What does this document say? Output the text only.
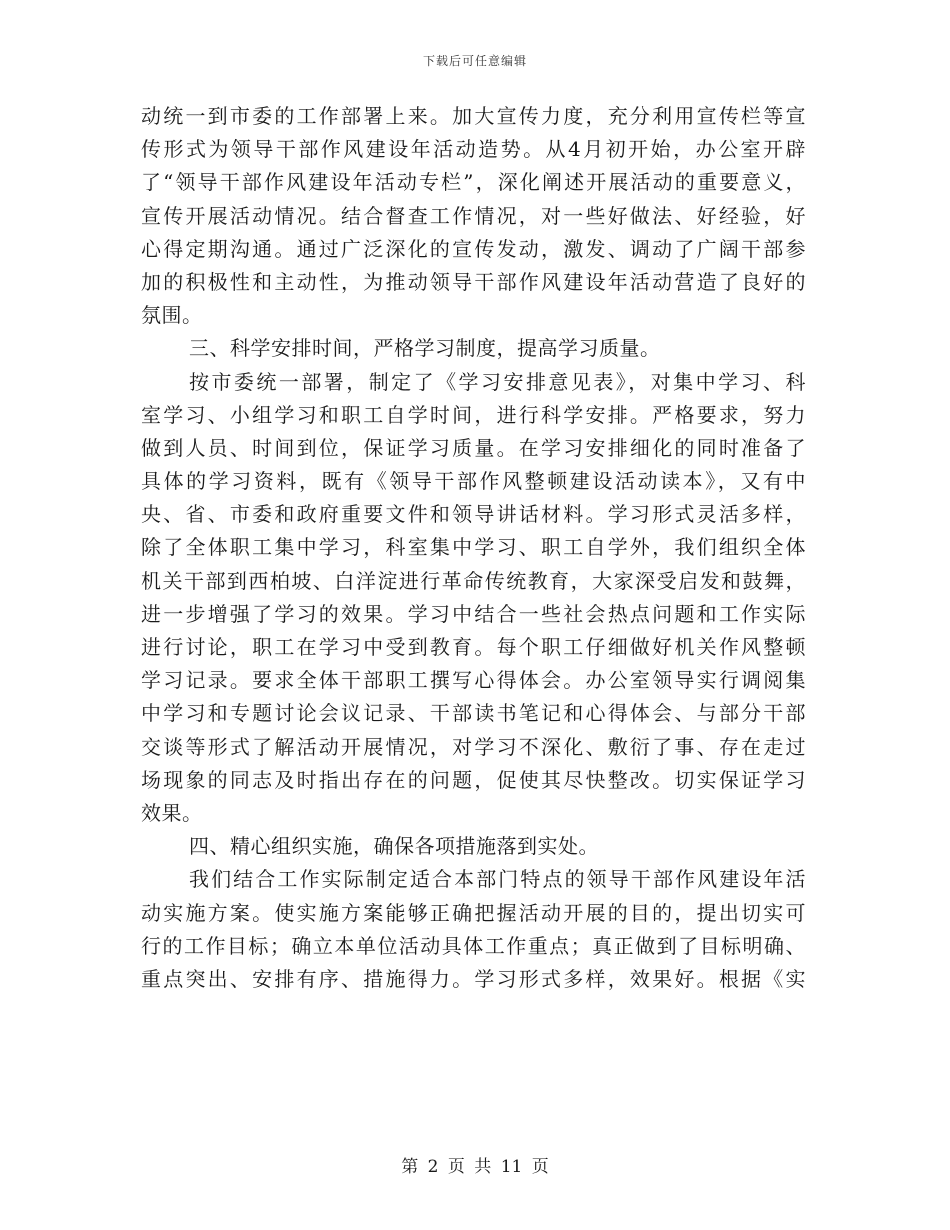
下载后可任意编辑
动统一到市委的工作部署上来。加大宣传力度，充分利用宣传栏等宣
传形式为领导干部作风建设年活动造势。从4月初开始，办公室开辟
了“领导干部作风建设年活动专栏”，深化阐述开展活动的重要意义，
宣传开展活动情况。结合督查工作情况，对一些好做法、好经验，好
心得定期沟通。通过广泛深化的宣传发动，激发、调动了广阔干部参
加的积极性和主动性，为推动领导干部作风建设年活动营造了良好的
氛围。
三、科学安排时间，严格学习制度，提高学习质量。
按市委统一部署，制定了《学习安排意见表》，对集中学习、科
室学习、小组学习和职工自学时间，进行科学安排。严格要求，努力
做到人员、时间到位，保证学习质量。在学习安排细化的同时准备了
具体的学习资料，既有《领导干部作风整顿建设活动读本》，又有中
央、省、市委和政府重要文件和领导讲话材料。学习形式灵活多样，
除了全体职工集中学习，科室集中学习、职工自学外，我们组织全体
机关干部到西柏坡、白洋淀进行革命传统教育，大家深受启发和鼓舞，
进一步增强了学习的效果。学习中结合一些社会热点问题和工作实际
进行讨论，职工在学习中受到教育。每个职工仔细做好机关作风整顿
学习记录。要求全体干部职工撰写心得体会。办公室领导实行调阅集
中学习和专题讨论会议记录、干部读书笔记和心得体会、与部分干部
交谈等形式了解活动开展情况，对学习不深化、敷衍了事、存在走过
场现象的同志及时指出存在的问题，促使其尽快整改。切实保证学习
效果。
四、精心组织实施，确保各项措施落到实处。
我们结合工作实际制定适合本部门特点的领导干部作风建设年活
动实施方案。使实施方案能够正确把握活动开展的目的，提出切实可
行的工作目标；确立本单位活动具体工作重点；真正做到了目标明确、
重点突出、安排有序、措施得力。学习形式多样，效果好。根据《实
第 2 页 共 11 页
